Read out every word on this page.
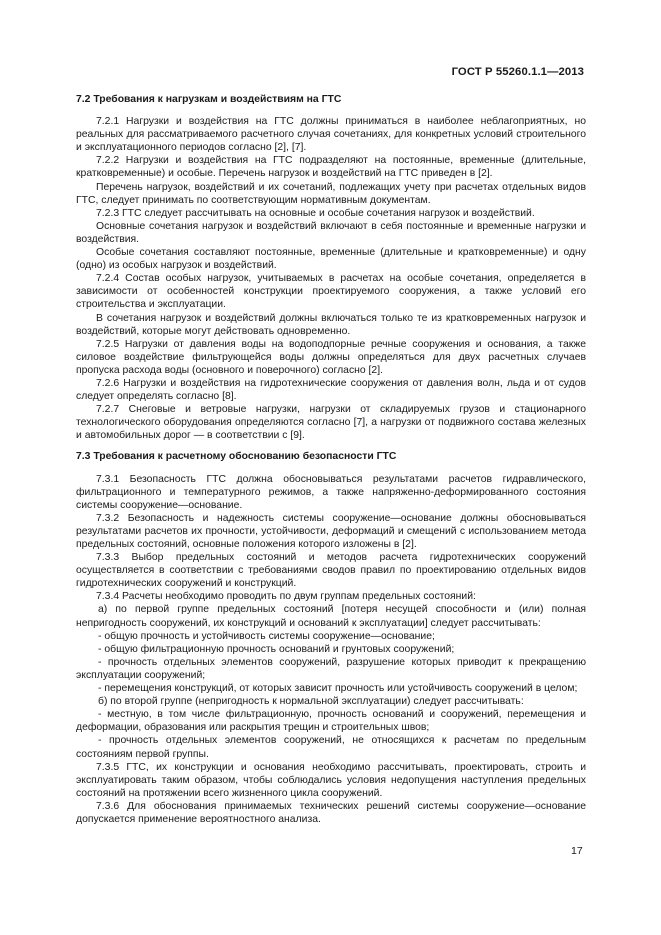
ГОСТ Р 55260.1.1—2013
7.2 Требования к нагрузкам и воздействиям на ГТС

7.2.1 Нагрузки и воздействия на ГТС должны приниматься в наиболее неблагоприятных, но реальных для рассматриваемого расчетного случая сочетаниях, для конкретных условий строительного и эксплуатационного периодов согласно [2], [7].

7.2.2 Нагрузки и воздействия на ГТС подразделяют на постоянные, временные (длительные, кратковременные) и особые. Перечень нагрузок и воздействий на ГТС приведен в [2].

Перечень нагрузок, воздействий и их сочетаний, подлежащих учету при расчетах отдельных видов ГТС, следует принимать по соответствующим нормативным документам.

7.2.3 ГТС следует рассчитывать на основные и особые сочетания нагрузок и воздействий.

Основные сочетания нагрузок и воздействий включают в себя постоянные и временные нагрузки и воздействия.

Особые сочетания составляют постоянные, временные (длительные и кратковременные) и одну (одно) из особых нагрузок и воздействий.

7.2.4 Состав особых нагрузок, учитываемых в расчетах на особые сочетания, определяется в зависимости от особенностей конструкции проектируемого сооружения, а также условий его строительства и эксплуатации.

В сочетания нагрузок и воздействий должны включаться только те из кратковременных нагрузок и воздействий, которые могут действовать одновременно.

7.2.5 Нагрузки от давления воды на водоподпорные речные сооружения и основания, а также силовое воздействие фильтрующейся воды должны определяться для двух расчетных случаев пропуска расхода воды (основного и поверочного) согласно [2].

7.2.6 Нагрузки и воздействия на гидротехнические сооружения от давления волн, льда и от судов следует определять согласно [8].

7.2.7 Снеговые и ветровые нагрузки, нагрузки от складируемых грузов и стационарного технологического оборудования определяются согласно [7], а нагрузки от подвижного состава железных и автомобильных дорог — в соответствии с [9].

7.3 Требования к расчетному обоснованию безопасности ГТС

7.3.1 Безопасность ГТС должна обосновываться результатами расчетов гидравлического, фильтрационного и температурного режимов, а также напряженно-деформированного состояния системы сооружение—основание.

7.3.2 Безопасность и надежность системы сооружение—основание должны обосновываться результатами расчетов их прочности, устойчивости, деформаций и смещений с использованием метода предельных состояний, основные положения которого изложены в [2].

7.3.3 Выбор предельных состояний и методов расчета гидротехнических сооружений осуществляется в соответствии с требованиями сводов правил по проектированию отдельных видов гидротехнических сооружений и конструкций.

7.3.4 Расчеты необходимо проводить по двум группам предельных состояний:

а) по первой группе предельных состояний [потеря несущей способности и (или) полная непригодность сооружений, их конструкций и оснований к эксплуатации] следует рассчитывать:

- общую прочность и устойчивость системы сооружение—основание;

- общую фильтрационную прочность оснований и грунтовых сооружений;

- прочность отдельных элементов сооружений, разрушение которых приводит к прекращению эксплуатации сооружений;

- перемещения конструкций, от которых зависит прочность или устойчивость сооружений в целом;

б) по второй группе (непригодность к нормальной эксплуатации) следует рассчитывать:

- местную, в том числе фильтрационную, прочность оснований и сооружений, перемещения и деформации, образования или раскрытия трещин и строительных швов;

- прочность отдельных элементов сооружений, не относящихся к расчетам по предельным состояниям первой группы.

7.3.5 ГТС, их конструкции и основания необходимо рассчитывать, проектировать, строить и эксплуатировать таким образом, чтобы соблюдались условия недопущения наступления предельных состояний на протяжении всего жизненного цикла сооружений.

7.3.6 Для обоснования принимаемых технических решений системы сооружение—основание допускается применение вероятностного анализа.

17
